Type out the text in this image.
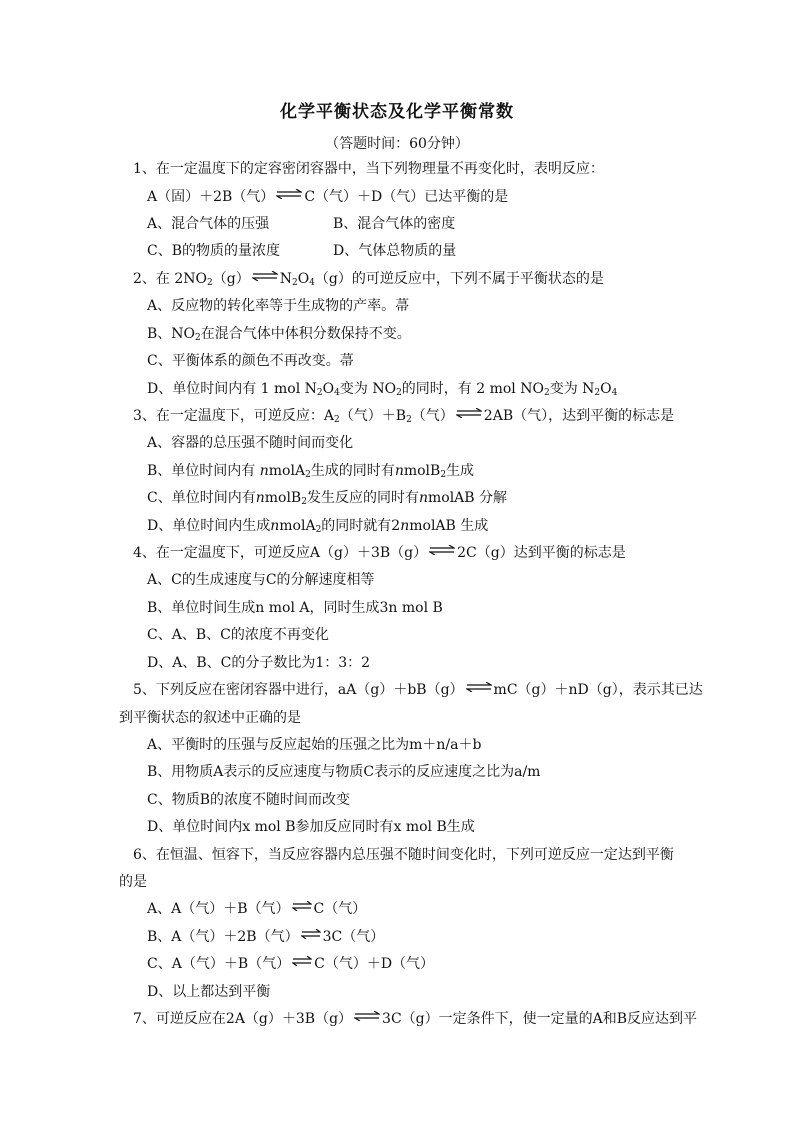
化学平衡状态及化学平衡常数
（答题时间：60分钟）
1、在一定温度下的定容密闭容器中，当下列物理量不再变化时，表明反应：
A（固）＋2B（气） ⇌ C（气）＋D（气）已达平衡的是
A、混合气体的压强	B、混合气体的密度
C、B的物质的量浓度	D、气体总物质的量
2、在 $2NO_2(g)$ ⇌ $N_2O_4(g)$的可逆反应中，下列不属于平衡状态的是
A、反应物的转化率等于生成物的产率。菷
B、$NO_2$在混合气体中体积分数保持不变。
C、平衡体系的颜色不再改变。菷
D、单位时间内有 1 mol $N_2O_4$变为 $NO_2$的同时，有 2 mol $NO_2$变为 $N_2O_4$
3、在一定温度下，可逆反应：$A_2$（气）$+B_2$（气） ⇌ 2AB（气），达到平衡的标志是
A、容器的总压强不随时间而变化
B、单位时间内有 nmolA$_2$生成的同时有nmolB$_2$生成
C、单位时间内有nmolB$_2$发生反应的同时有nmolAB 分解
D、单位时间内生成nmolA$_2$的同时就有2nmolAB 生成
4、在一定温度下，可逆反应A（g）＋3B（g） ⇌ 2C（g）达到平衡的标志是
A、C的生成速度与C的分解速度相等
B、单位时间生成n mol A，同时生成3n mol B
C、A、B、C的浓度不再变化
D、A、B、C的分子数比为1：3：2
5、下列反应在密闭容器中进行，aA（g）＋bB（g） ⇌ mC（g）＋nD（g），表示其已达
到平衡状态的叙述中正确的是
A、平衡时的压强与反应起始的压强之比为m＋n/a＋b
B、用物质A表示的反应速度与物质C表示的反应速度之比为a/m
C、物质B的浓度不随时间而改变
D、单位时间内x mol B参加反应同时有x mol B生成
6、在恒温、恒容下，当反应容器内总压强不随时间变化时，下列可逆反应一定达到平衡
的是
A、A（气）＋B（气） ⇌ C（气）
B、A（气）＋2B（气） ⇌ 3C（气）
C、A（气）＋B（气） ⇌ C（气）＋D（气）
D、以上都达到平衡
7、可逆反应在2A（g）＋3B（g） ⇌ 3C（g）一定条件下，使一定量的A和B反应达到平
